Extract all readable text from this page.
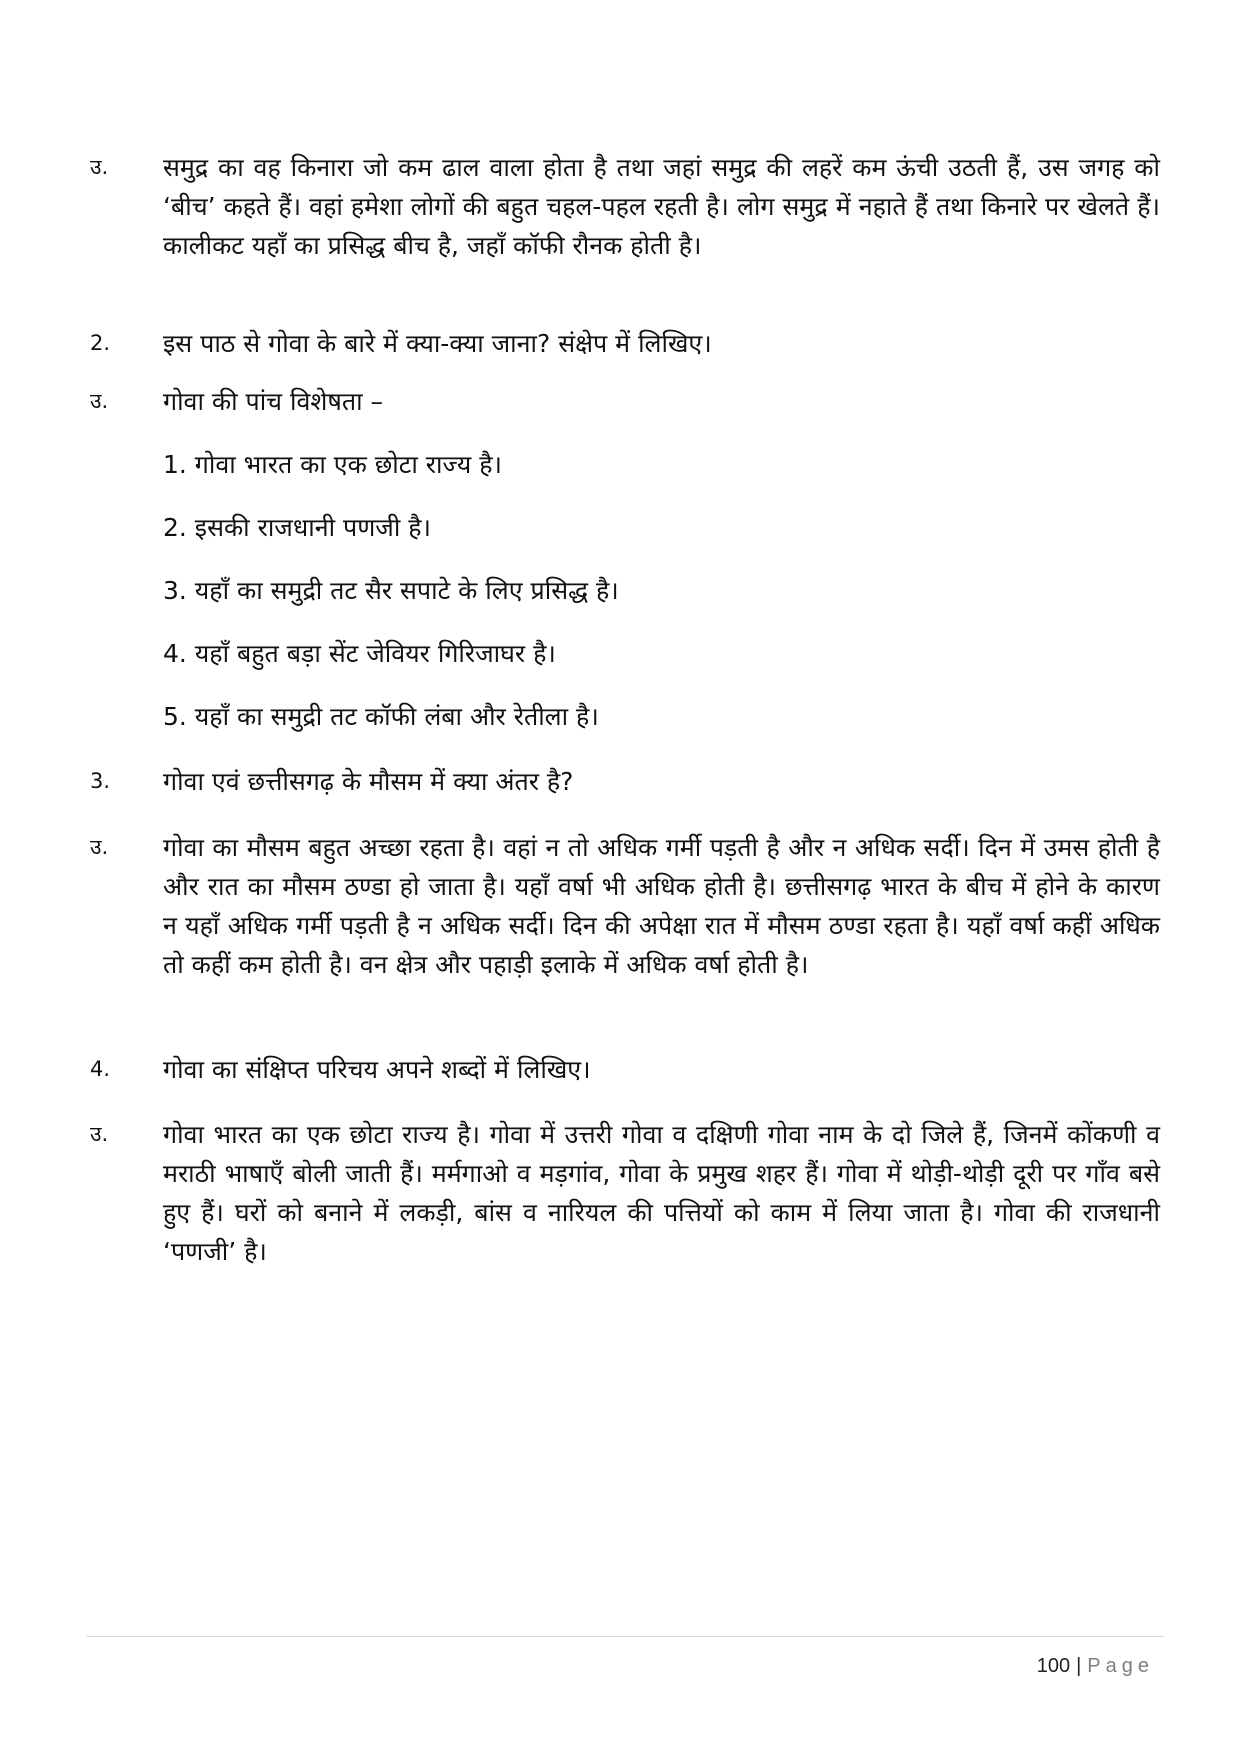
उ. समुद्र का वह किनारा जो कम ढाल वाला होता है तथा जहां समुद्र की लहरें कम ऊंची उठती हैं, उस जगह को ‘बीच’ कहते हैं। वहां हमेशा लोगों की बहुत चहल-पहल रहती है। लोग समुद्र में नहाते हैं तथा किनारे पर खेलते हैं। कालीकट यहाँ का प्रसिद्ध बीच है, जहाँ कॉफी रौनक होती है।
2. इस पाठ से गोवा के बारे में क्या-क्या जाना? संक्षेप में लिखिए।
उ. गोवा की पांच विशेषता –
1. गोवा भारत का एक छोटा राज्य है।
2. इसकी राजधानी पणजी है।
3. यहाँ का समुद्री तट सैर सपाटे के लिए प्रसिद्ध है।
4. यहाँ बहुत बड़ा सेंट जेवियर गिरिजाघर है।
5. यहाँ का समुद्री तट कॉफी लंबा और रेतीला है।
3. गोवा एवं छत्तीसगढ़ के मौसम में क्या अंतर है?
उ. गोवा का मौसम बहुत अच्छा रहता है। वहां न तो अधिक गर्मी पड़ती है और न अधिक सर्दी। दिन में उमस होती है और रात का मौसम ठण्डा हो जाता है। यहाँ वर्षा भी अधिक होती है। छत्तीसगढ़ भारत के बीच में होने के कारण न यहाँ अधिक गर्मी पड़ती है न अधिक सर्दी। दिन की अपेक्षा रात में मौसम ठण्डा रहता है। यहाँ वर्षा कहीं अधिक तो कहीं कम होती है। वन क्षेत्र और पहाड़ी इलाके में अधिक वर्षा होती है।
4. गोवा का संक्षिप्त परिचय अपने शब्दों में लिखिए।
उ. गोवा भारत का एक छोटा राज्य है। गोवा में उत्तरी गोवा व दक्षिणी गोवा नाम के दो जिले हैं, जिनमें कोंकणी व मराठी भाषाएँ बोली जाती हैं। मर्मगाओ व मड़गांव, गोवा के प्रमुख शहर हैं। गोवा में थोड़ी-थोड़ी दूरी पर गाँव बसे हुए हैं। घरों को बनाने में लकड़ी, बांस व नारियल की पत्तियों को काम में लिया जाता है। गोवा की राजधानी ‘पणजी’ है।
100 | Page
